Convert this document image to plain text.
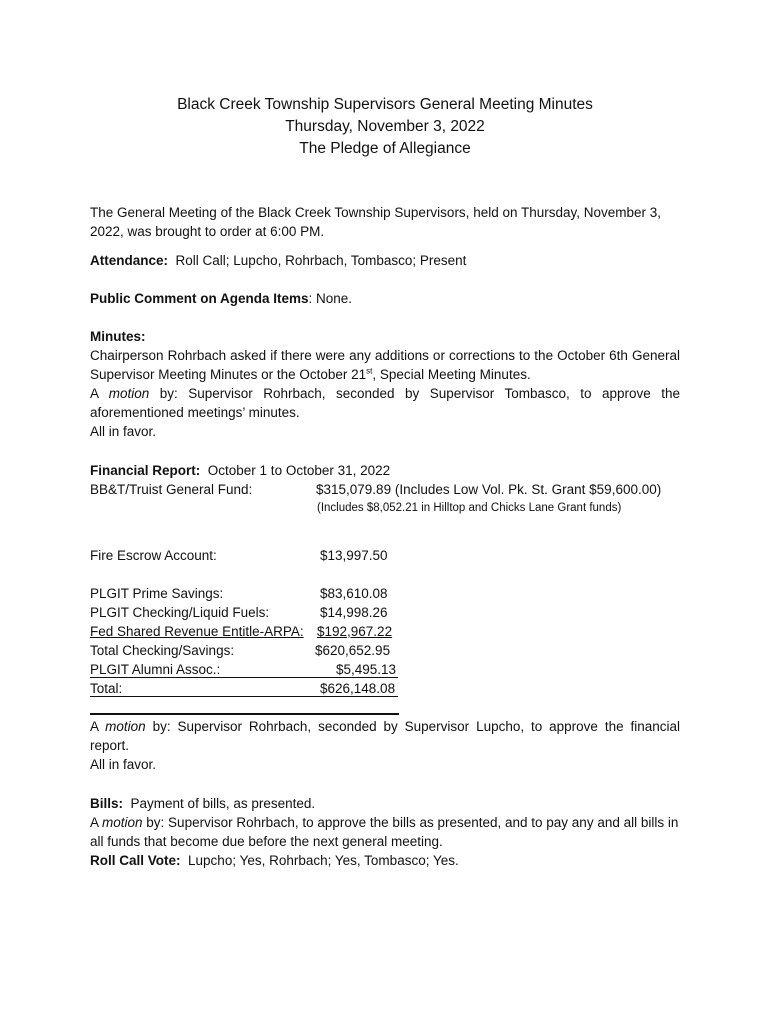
Black Creek Township Supervisors General Meeting Minutes
Thursday, November 3, 2022
The Pledge of Allegiance
The General Meeting of the Black Creek Township Supervisors, held on Thursday, November 3, 2022, was brought to order at 6:00 PM.
Attendance: Roll Call; Lupcho, Rohrbach, Tombasco; Present
Public Comment on Agenda Items: None.
Minutes:
Chairperson Rohrbach asked if there were any additions or corrections to the October 6th General Supervisor Meeting Minutes or the October 21st, Special Meeting Minutes.
A motion by: Supervisor Rohrbach, seconded by Supervisor Tombasco, to approve the aforementioned meetings’ minutes.
All in favor.
Financial Report: October 1 to October 31, 2022
BB&T/Truist General Fund:	$315,079.89 (Includes Low Vol. Pk. St. Grant $59,600.00)
(Includes $8,052.21 in Hilltop and Chicks Lane Grant funds)
Fire Escrow Account:	$13,997.50
PLGIT Prime Savings:	$83,610.08
PLGIT Checking/Liquid Fuels:	$14,998.26
Fed Shared Revenue Entitle-ARPA: $192,967.22
Total Checking/Savings:	$620,652.95
PLGIT Alumni Assoc.:	$5,495.13
Total:	$626,148.08
A motion by: Supervisor Rohrbach, seconded by Supervisor Lupcho, to approve the financial report.
All in favor.
Bills: Payment of bills, as presented.
A motion by: Supervisor Rohrbach, to approve the bills as presented, and to pay any and all bills in all funds that become due before the next general meeting.
Roll Call Vote: Lupcho; Yes, Rohrbach; Yes, Tombasco; Yes.
